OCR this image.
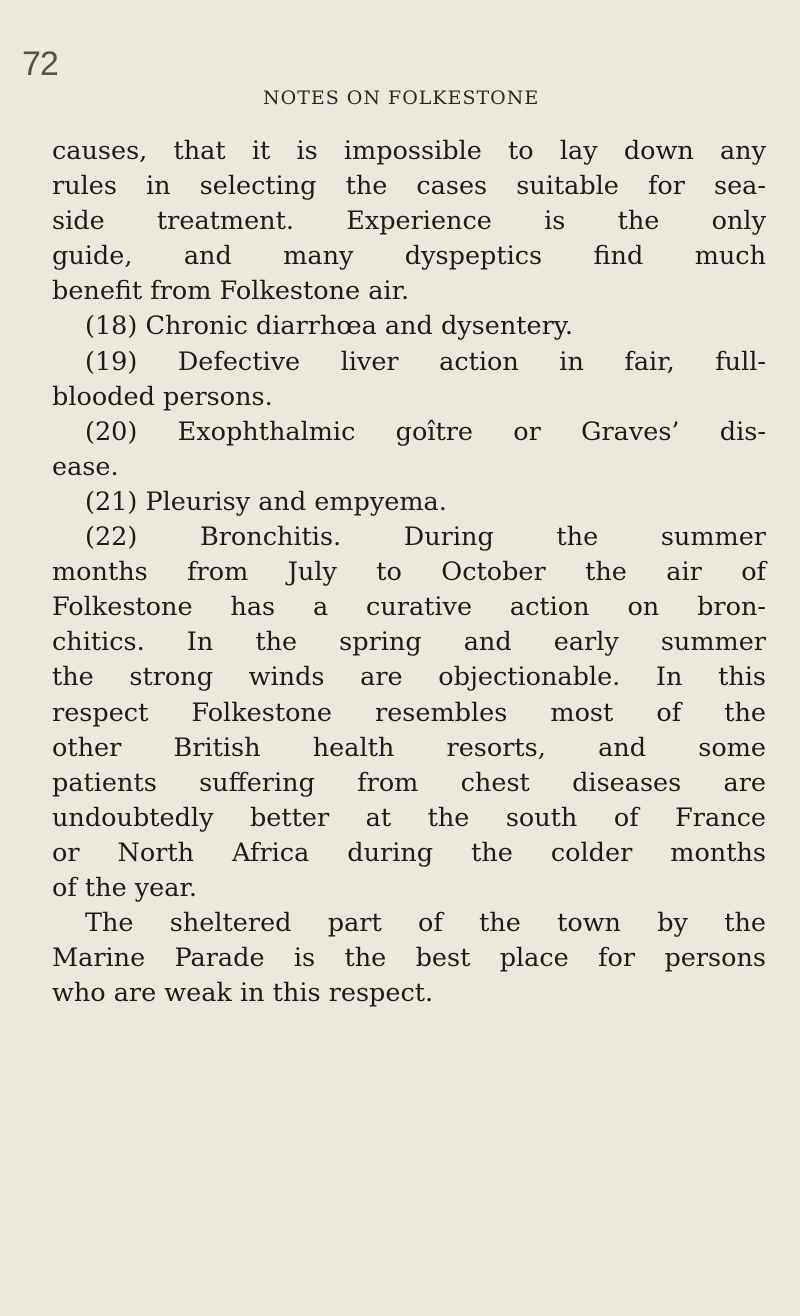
72
NOTES ON FOLKESTONE
causes, that it is impossible to lay down any
rules in selecting the cases suitable for sea-
side treatment. Experience is the only
guide, and many dyspeptics find much
benefit from Folkestone air.
(18) Chronic diarrhœa and dysentery.
(19) Defective liver action in fair, full-
blooded persons.
(20) Exophthalmic goître or Graves’ dis-
ease.
(21) Pleurisy and empyema.
(22) Bronchitis. During the summer
months from July to October the air of
Folkestone has a curative action on bron-
chitics. In the spring and early summer
the strong winds are objectionable. In this
respect Folkestone resembles most of the
other British health resorts, and some
patients suffering from chest diseases are
undoubtedly better at the south of France
or North Africa during the colder months
of the year.
The sheltered part of the town by the
Marine Parade is the best place for persons
who are weak in this respect.
